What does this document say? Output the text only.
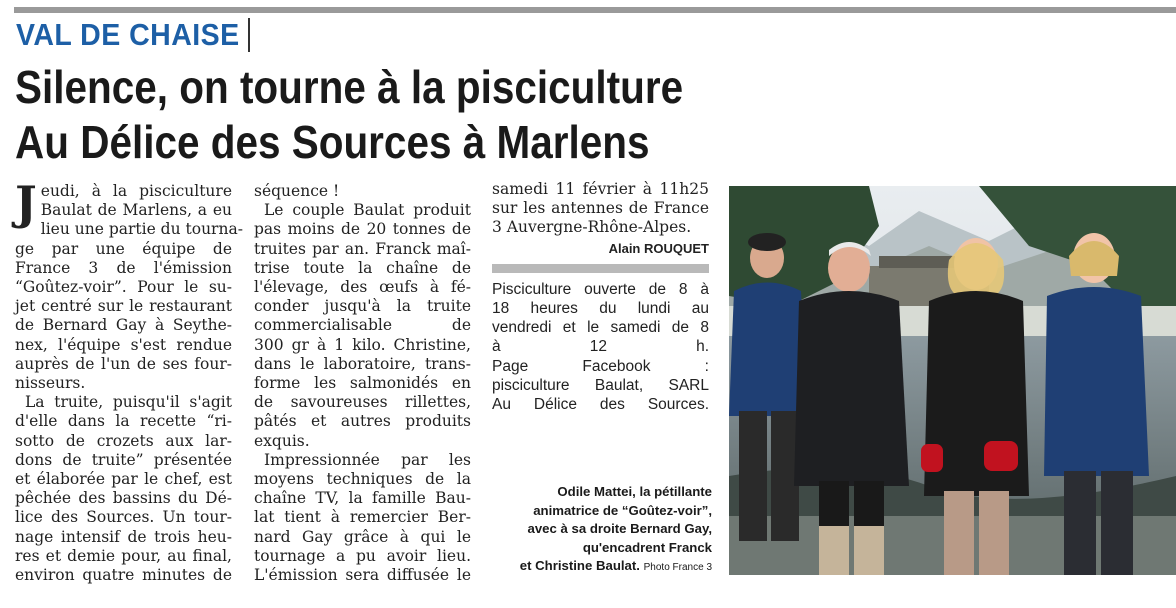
VAL DE CHAISE
Silence, on tourne à la pisciculture
Au Délice des Sources à Marlens
J eudi, à la pisciculture
Baulat de Marlens, a eu
lieu une partie du tourna-
ge par une équipe de
France 3 de l'émission
“Goûtez-voir”. Pour le su-
jet centré sur le restaurant
de Bernard Gay à Seythe-
nex, l'équipe s'est rendue
auprès de l'un de ses four-
nisseurs.
La truite, puisqu'il s'agit
d'elle dans la recette “ri-
sotto de crozets aux lar-
dons de truite” présentée
et élaborée par le chef, est
pêchée des bassins du Dé-
lice des Sources. Un tour-
nage intensif de trois heu-
res et demie pour, au final,
environ quatre minutes de
séquence !
Le couple Baulat produit
pas moins de 20 tonnes de
truites par an. Franck maî-
trise toute la chaîne de
l'élevage, des œufs à fé-
conder jusqu'à la truite
commercialisable de
300 gr à 1 kilo. Christine,
dans le laboratoire, trans-
forme les salmonidés en
de savoureuses rillettes,
pâtés et autres produits
exquis.
Impressionnée par les
moyens techniques de la
chaîne TV, la famille Bau-
lat tient à remercier Ber-
nard Gay grâce à qui le
tournage a pu avoir lieu.
L'émission sera diffusée le
samedi 11 février à 11h25
sur les antennes de France
3 Auvergne-Rhône-Alpes.
Alain ROUQUET
Pisciculture ouverte de 8 à
18 heures du lundi au
vendredi et le samedi de 8
à 12 h.
Page Facebook :
pisciculture Baulat, SARL
Au Délice des Sources.
Odile Mattei, la pétillante
animatrice de “Goûtez-voir”,
avec à sa droite Bernard Gay,
qu'encadrent Franck
et Christine Baulat. Photo France 3
